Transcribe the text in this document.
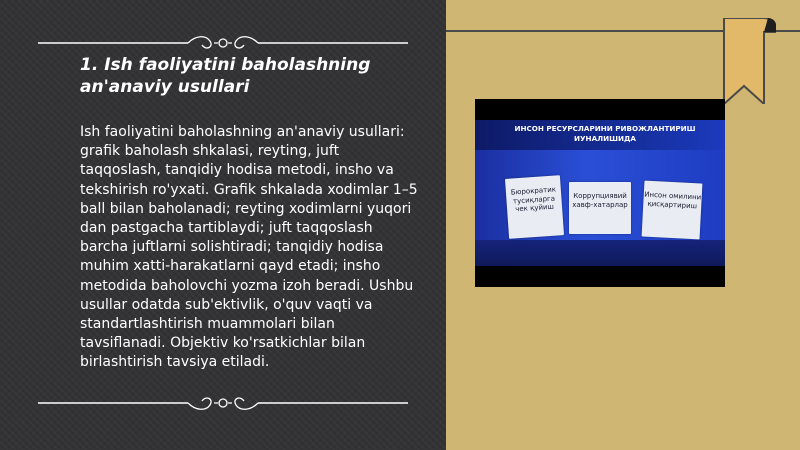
1. Ish faoliyatini baholashning an'anaviy usullari
Ish faoliyatini baholashning an'anaviy usullari: grafik baholash shkalasi, reyting, juft taqqoslash, tanqidiy hodisa metodi, insho va tekshirish ro'yxati. Grafik shkalada xodimlar 1–5 ball bilan baholanadi; reyting xodimlarni yuqori dan pastgacha tartiblaydi; juft taqqoslash barcha juftlarni solishtiradi; tanqidiy hodisa muhim xatti-harakatlarni qayd etadi; insho metodida baholovchi yozma izoh beradi. Ushbu usullar odatda sub'ektivlik, o'quv vaqti va standartlashtirish muammolari bilan tavsiflanadi. Objektiv ko'rsatkichlar bilan birlashtirish tavsiya etiladi.
ИНСОН РЕСУРСЛАРИНИ РИВОЖЛАНТИРИШ ИУНАЛИШИДА
Бюрократик тусиқларга чек қуйиш
Коррупциявий хавф-хатарлар
Инсон омилини қисқартириш
